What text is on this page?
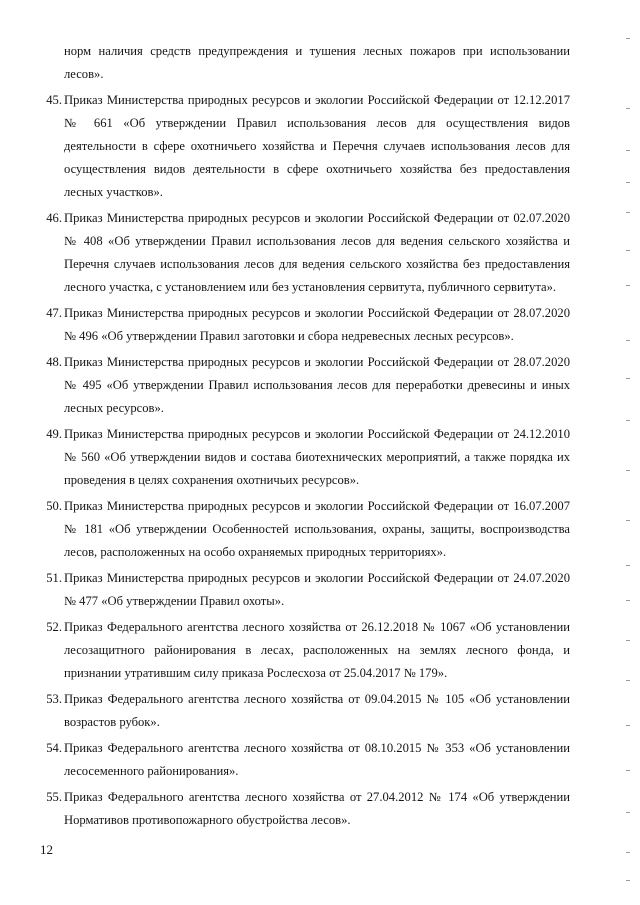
норм наличия средств предупреждения и тушения лесных пожаров при использовании лесов».
45. Приказ Министерства природных ресурсов и экологии Российской Федерации от 12.12.2017 № 661 «Об утверждении Правил использования лесов для осуществления видов деятельности в сфере охотничьего хозяйства и Перечня случаев использования лесов для осуществления видов деятельности в сфере охотничьего хозяйства без предоставления лесных участков».
46. Приказ Министерства природных ресурсов и экологии Российской Федерации от 02.07.2020 № 408 «Об утверждении Правил использования лесов для ведения сельского хозяйства и Перечня случаев использования лесов для ведения сельского хозяйства без предоставления лесного участка, с установлением или без установления сервитута, публичного сервитута».
47. Приказ Министерства природных ресурсов и экологии Российской Федерации от 28.07.2020 № 496 «Об утверждении Правил заготовки и сбора недревесных лесных ресурсов».
48. Приказ Министерства природных ресурсов и экологии Российской Федерации от 28.07.2020 № 495 «Об утверждении Правил использования лесов для переработки древесины и иных лесных ресурсов».
49. Приказ Министерства природных ресурсов и экологии Российской Федерации от 24.12.2010 № 560 «Об утверждении видов и состава биотехнических мероприятий, а также порядка их проведения в целях сохранения охотничьих ресурсов».
50. Приказ Министерства природных ресурсов и экологии Российской Федерации от 16.07.2007 № 181 «Об утверждении Особенностей использования, охраны, защиты, воспроизводства лесов, расположенных на особо охраняемых природных территориях».
51. Приказ Министерства природных ресурсов и экологии Российской Федерации от 24.07.2020 № 477 «Об утверждении Правил охоты».
52. Приказ Федерального агентства лесного хозяйства от 26.12.2018 № 1067 «Об установлении лесозащитного районирования в лесах, расположенных на землях лесного фонда, и признании утратившим силу приказа Рослесхоза от 25.04.2017 № 179».
53. Приказ Федерального агентства лесного хозяйства от 09.04.2015 № 105 «Об установлении возрастов рубок».
54. Приказ Федерального агентства лесного хозяйства от 08.10.2015 № 353 «Об установлении лесосеменного районирования».
55. Приказ Федерального агентства лесного хозяйства от 27.04.2012 № 174 «Об утверждении Нормативов противопожарного обустройства лесов».
12
